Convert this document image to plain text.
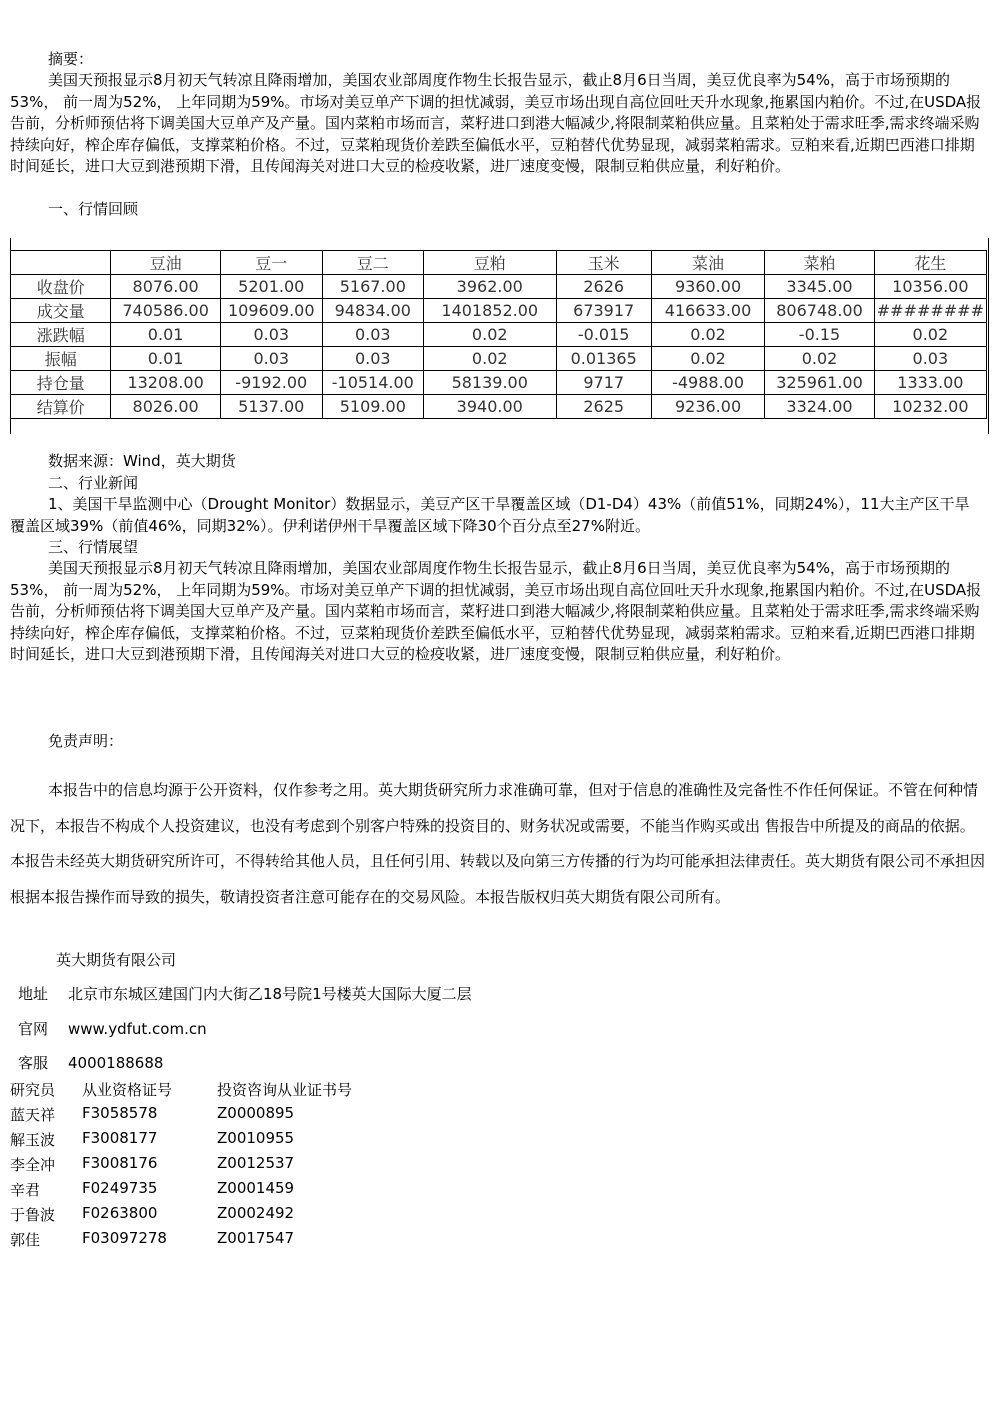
摘要：

美国天预报显示8月初天气转凉且降雨增加，美国农业部周度作物生长报告显示，截止8月6日当周，美豆优良率为54%，高于市场预期的53%， 前一周为52%， 上年同期为59%。市场对美豆单产下调的担忧减弱，美豆市场出现自高位回吐天升水现象,拖累国内粕价。不过,在USDA报告前，分析师预估将下调美国大豆单产及产量。国内菜粕市场而言，菜籽进口到港大幅减少,将限制菜粕供应量。且菜粕处于需求旺季,需求终端采购持续向好，榨企库存偏低，支撑菜粕价格。不过，豆菜粕现货价差跌至偏低水平，豆粕替代优势显现，减弱菜粕需求。豆粕来看,近期巴西港口排期时间延长，进口大豆到港预期下滑，且传闻海关对进口大豆的检疫收紧，进厂速度变慢，限制豆粕供应量，利好粕价。

一、行情回顾
	豆油	豆一	豆二	豆粕	玉米	菜油	菜粕	花生
收盘价	8076.00	5201.00	5167.00	3962.00	2626	9360.00	3345.00	10356.00
成交量	740586.00	109609.00	94834.00	1401852.00	673917	416633.00	806748.00	########
涨跌幅	0.01	0.03	0.03	0.02	-0.015	0.02	-0.15	0.02
振幅	0.01	0.03	0.03	0.02	0.01365	0.02	0.02	0.03
持仓量	13208.00	-9192.00	-10514.00	58139.00	9717	-4988.00	325961.00	1333.00
结算价	8026.00	5137.00	5109.00	3940.00	2625	9236.00	3324.00	10232.00
数据来源：Wind，英大期货
二、行业新闻

1、美国干旱监测中心（Drought Monitor）数据显示，美豆产区干旱覆盖区域（D1-D4）43%（前值51%，同期24%），11大主产区干旱覆盖区域39%（前值46%，同期32%）。伊利诺伊州干旱覆盖区域下降30个百分点至27%附近。

三、行情展望

美国天预报显示8月初天气转凉且降雨增加，美国农业部周度作物生长报告显示，截止8月6日当周，美豆优良率为54%，高于市场预期的53%， 前一周为52%， 上年同期为59%。市场对美豆单产下调的担忧减弱，美豆市场出现自高位回吐天升水现象,拖累国内粕价。不过,在USDA报告前，分析师预估将下调美国大豆单产及产量。国内菜粕市场而言，菜籽进口到港大幅减少,将限制菜粕供应量。且菜粕处于需求旺季,需求终端采购持续向好，榨企库存偏低，支撑菜粕价格。不过，豆菜粕现货价差跌至偏低水平，豆粕替代优势显现，减弱菜粕需求。豆粕来看,近期巴西港口排期时间延长，进口大豆到港预期下滑，且传闻海关对进口大豆的检疫收紧，进厂速度变慢，限制豆粕供应量，利好粕价。

免责声明：

本报告中的信息均源于公开资料，仅作参考之用。英大期货研究所力求准确可靠，但对于信息的准确性及完备性不作任何保证。不管在何种情况下，本报告不构成个人投资建议，也没有考虑到个别客户特殊的投资目的、财务状况或需要，不能当作购买或出 售报告中所提及的商品的依据。本报告未经英大期货研究所许可，不得转给其他人员，且任何引用、转载以及向第三方传播的行为均可能承担法律责任。英大期货有限公司不承担因根据本报告操作而导致的损失，敬请投资者注意可能存在的交易风险。本报告版权归英大期货有限公司所有。

英大期货有限公司
地址 北京市东城区建国门内大街乙18号院1号楼英大国际大厦二层
官网 www.ydfut.com.cn
客服 4000188688
研究员	从业资格证号	投资咨询从业证书号
蓝天祥	F3058578	Z0000895
解玉波	F3008177	Z0010955
李全冲	F3008176	Z0012537
辛君	F0249735	Z0001459
于鲁波	F0263800	Z0002492
郭佳	F03097278	Z0017547
